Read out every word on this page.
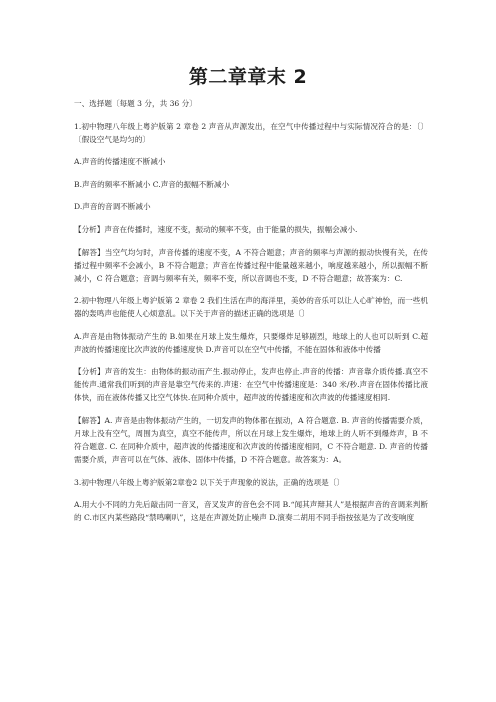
第二章章末 2

一、选择题〔每题 3 分，共 36 分〕

1.初中物理八年级上粤沪版第 2 章卷 2 声音从声源发出，在空气中传播过程中与实际情况符合的是：〔〕〔假设空气是均匀的〕

A.声音的传播速度不断减小

B.声音的频率不断减小 C.声音的振幅不断减小

D.声音的音调不断减小

【分析】声音在传播时，速度不变，振动的频率不变，由于能量的损失，振幅会减小.

【解答】当空气均匀时，声音传播的速度不变，A 不符合题意；声音的频率与声源的振动快慢有关，在传播过程中频率不会减小，B 不符合题意；声音在传播过程中能量越来越小，响度越来越小，所以振幅不断减小，C 符合题意；音调与频率有关，频率不变，所以音调也不变，D 不符合题意；故答案为：C.

2.初中物理八年级上粤沪版第 2 章卷 2 我们生活在声的海洋里，美妙的音乐可以让人心旷神怡，而一些机器的轰鸣声也能使人心烦意乱。以下关于声音的描述正确的选项是〔〕

A.声音是由物体振动产生的 B.如果在月球上发生爆炸，只要爆炸足够剧烈，地球上的人也可以听到 C.超声波的传播速度比次声波的传播速度快 D.声音可以在空气中传播，不能在固体和液体中传播

【分析】声音的发生：由物体的振动而产生.振动停止，发声也停止.声音的传播：声音靠介质传播.真空不能传声.通常我们听到的声音是靠空气传来的.声速：在空气中传播速度是：340 米/秒.声音在固体传播比液体快，而在液体传播又比空气体快.在同种介质中，超声波的传播速度和次声波的传播速度相同.

【解答】A. 声音是由物体振动产生的，一切发声的物体都在振动，A 符合题意. B. 声音的传播需要介质，月球上没有空气，周围为真空，真空不能传声，所以在月球上发生爆炸，地球上的人听不到爆炸声，B 不符合题意. C. 在同种介质中，超声波的传播速度和次声波的传播速度相同，C 不符合题意. D. 声音的传播需要介质，声音可以在气体、液体、固体中传播，D 不符合题意。故答案为：A。

3.初中物理八年级上粤沪版第2章卷2 以下关于声现象的说法，正确的选项是〔〕

A.用大小不同的力先后敲击同一音叉，音叉发声的音色会不同 B.“闻其声辩其人”是根据声音的音调来判断的 C.市区内某些路段“禁鸣喇叭”，这是在声源处防止噪声 D.演奏二胡用不同手指按弦是为了改变响度
